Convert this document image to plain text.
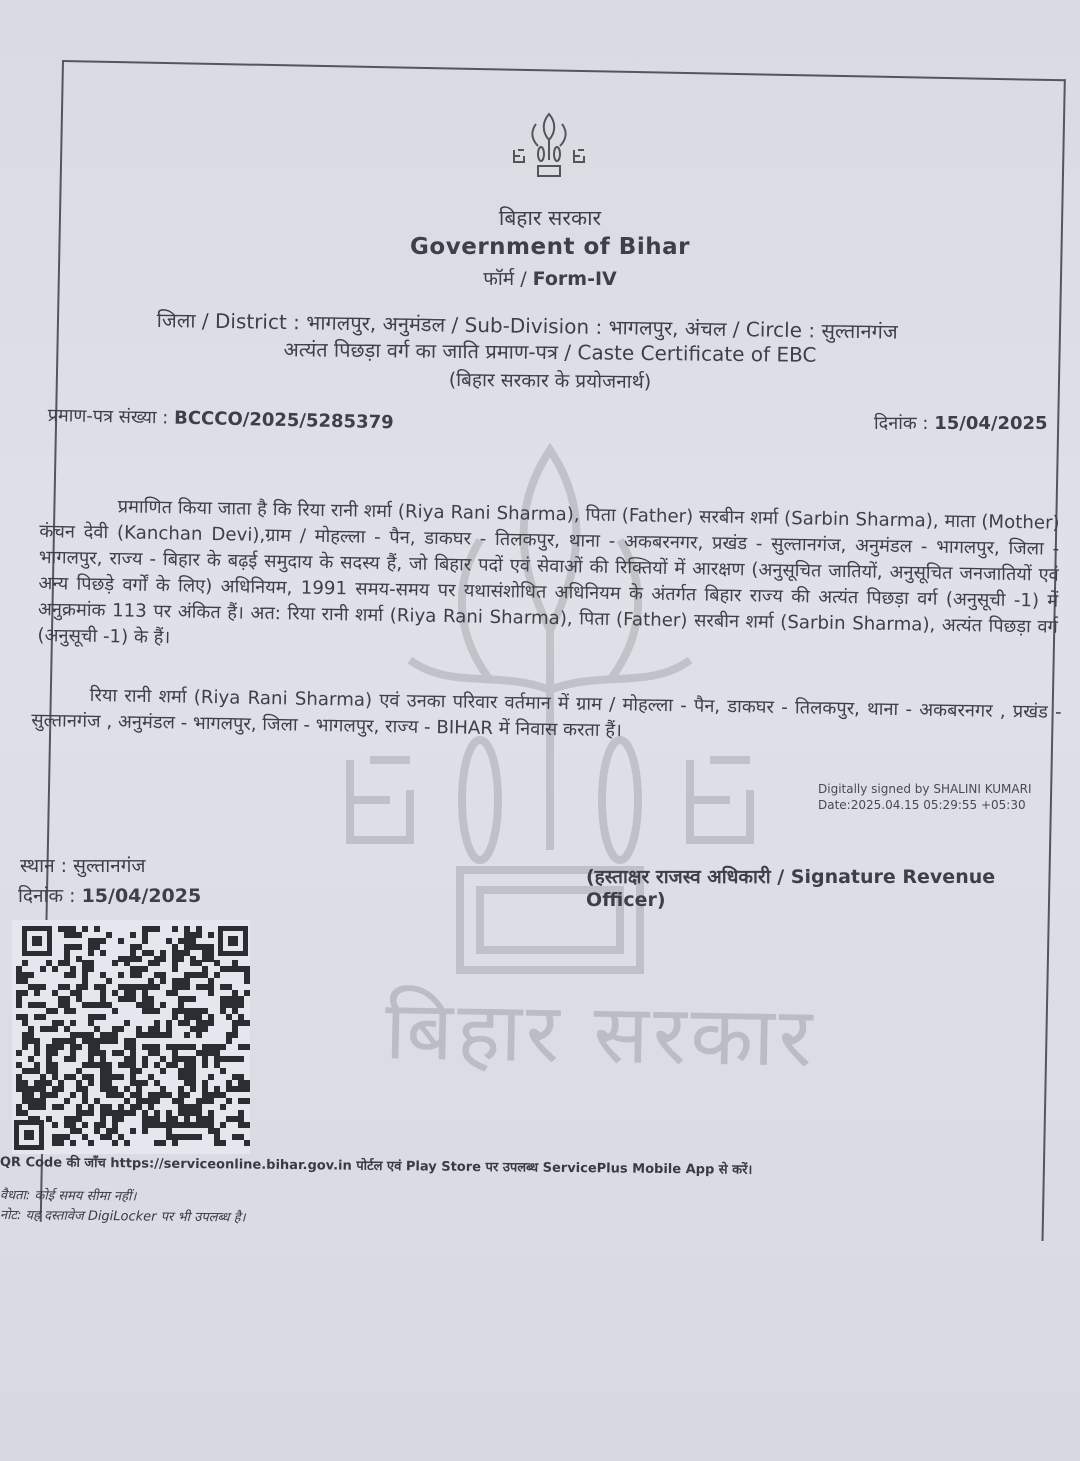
बिहार सरकार
बिहार सरकार
Government of Bihar
फॉर्म / Form-IV
जिला / District : भागलपुर, अनुमंडल / Sub-Division : भागलपुर, अंचल / Circle : सुल्तानगंज
अत्यंत पिछड़ा वर्ग का जाति प्रमाण-पत्र / Caste Certificate of EBC
(बिहार सरकार के प्रयोजनार्थ)
प्रमाण-पत्र संख्या : BCCCO/2025/5285379	दिनांक : 15/04/2025
प्रमाणित किया जाता है कि रिया रानी शर्मा (Riya Rani Sharma), पिता (Father) सरबीन शर्मा (Sarbin Sharma), माता (Mother) कंचन देवी (Kanchan Devi),ग्राम / मोहल्ला - पैन, डाकघर - तिलकपुर, थाना - अकबरनगर, प्रखंड - सुल्तानगंज, अनुमंडल - भागलपुर, जिला - भागलपुर, राज्य - बिहार के बढ़ई समुदाय के सदस्य हैं, जो बिहार पदों एवं सेवाओं की रिक्तियों में आरक्षण (अनुसूचित जातियों, अनुसूचित जनजातियों एवं अन्य पिछड़े वर्गों के लिए) अधिनियम, 1991 समय-समय पर यथासंशोधित अधिनियम के अंतर्गत बिहार राज्य की अत्यंत पिछड़ा वर्ग (अनुसूची -1) में अनुक्रमांक 113 पर अंकित हैं। अत: रिया रानी शर्मा (Riya Rani Sharma), पिता (Father) सरबीन शर्मा (Sarbin Sharma), अत्यंत पिछड़ा वर्ग (अनुसूची -1) के हैं।
रिया रानी शर्मा (Riya Rani Sharma) एवं उनका परिवार वर्तमान में ग्राम / मोहल्ला - पैन, डाकघर - तिलकपुर, थाना - अकबरनगर , प्रखंड - सुल्तानगंज , अनुमंडल - भागलपुर, जिला - भागलपुर, राज्य - BIHAR में निवास करता हैं।
Digitally signed by SHALINI KUMARI
Date:2025.04.15 05:29:55 +05:30
स्थान : सुल्तानगंज
दिनांक : 15/04/2025
(हस्ताक्षर राजस्व अधिकारी / Signature Revenue Officer)
QR Code की जाँच https://serviceonline.bihar.gov.in पोर्टल एवं Play Store पर उपलब्ध ServicePlus Mobile App से करें।
वैधता: कोई समय सीमा नहीं।
नोट: यह दस्तावेज DigiLocker पर भी उपलब्ध है।
